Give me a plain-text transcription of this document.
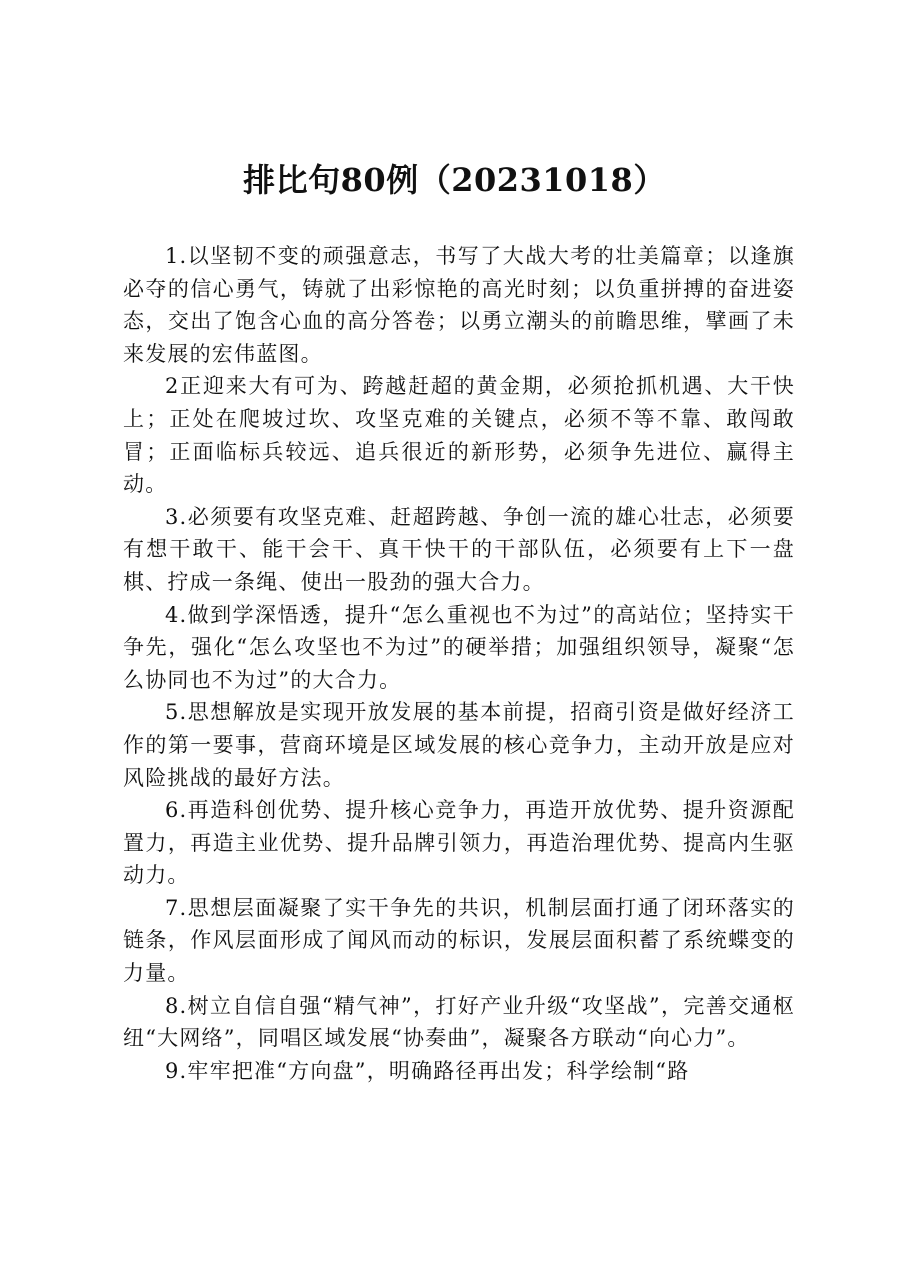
排比句80例（20231018）

1.以坚韧不变的顽强意志，书写了大战大考的壮美篇章；以逢旗必夺的信心勇气，铸就了出彩惊艳的高光时刻；以负重拼搏的奋进姿态，交出了饱含心血的高分答卷；以勇立潮头的前瞻思维，擘画了未来发展的宏伟蓝图。

2正迎来大有可为、跨越赶超的黄金期，必须抢抓机遇、大干快上；正处在爬坡过坎、攻坚克难的关键点，必须不等不靠、敢闯敢冒；正面临标兵较远、追兵很近的新形势，必须争先进位、赢得主动。

3.必须要有攻坚克难、赶超跨越、争创一流的雄心壮志，必须要有想干敢干、能干会干、真干快干的干部队伍，必须要有上下一盘棋、拧成一条绳、使出一股劲的强大合力。

4.做到学深悟透，提升“怎么重视也不为过”的高站位；坚持实干争先，强化“怎么攻坚也不为过”的硬举措；加强组织领导，凝聚“怎么协同也不为过”的大合力。

5.思想解放是实现开放发展的基本前提，招商引资是做好经济工作的第一要事，营商环境是区域发展的核心竞争力，主动开放是应对风险挑战的最好方法。

6.再造科创优势、提升核心竞争力，再造开放优势、提升资源配置力，再造主业优势、提升品牌引领力，再造治理优势、提高内生驱动力。

7.思想层面凝聚了实干争先的共识，机制层面打通了闭环落实的链条，作风层面形成了闻风而动的标识，发展层面积蓄了系统蝶变的力量。

8.树立自信自强“精气神”，打好产业升级“攻坚战”，完善交通枢纽“大网络”，同唱区域发展“协奏曲”，凝聚各方联动“向心力”。

9.牢牢把准“方向盘”，明确路径再出发；科学绘制“路
